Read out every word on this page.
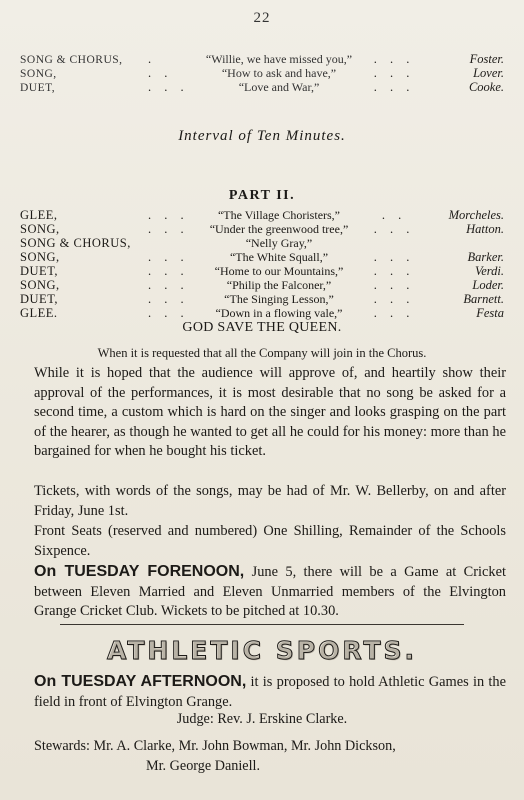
22
SONG & CHORUS,	.	“Willie, we have missed you,”	. . .	Foster.
SONG,	. .	“How to ask and have,”	. . .	Lover.
DUET,	. . .	“Love and War,”	. . .	Cooke.
Interval of Ten Minutes.
PART II.
GLEE,	. . .	“The Village Choristers,”	. .	Morcheles.
SONG,	. . .	“Under the greenwood tree,”	. . .	Hatton.
SONG & CHORUS,	“Nelly Gray,”
SONG,	. . .	“The White Squall,”	. . .	Barker.
DUET,	. . .	“Home to our Mountains,”	. . .	Verdi.
SONG,	. . .	“Philip the Falconer,”	. . .	Loder.
DUET,	. . .	“The Singing Lesson,”	. . .	Barnett.
GLEE.	. . .	“Down in a flowing vale,”	. . .	Festa
GOD SAVE THE QUEEN.
When it is requested that all the Company will join in the Chorus.

While it is hoped that the audience will approve of, and heartily show their approval of the performances, it is most desirable that no song be asked for a second time, a custom which is hard on the singer and looks grasping on the part of the hearer, as though he wanted to get all he could for his money: more than he bargained for when he bought his ticket.

Tickets, with words of the songs, may be had of Mr. W. Bellerby, on and after Friday, June 1st.

Front Seats (reserved and numbered) One Shilling, Remainder of the Schools Sixpence.

On TUESDAY FORENOON, June 5, there will be a Game at Cricket between Eleven Married and Eleven Unmarried members of the Elvington Grange Cricket Club. Wickets to be pitched at 10.30.

ATHLETIC SPORTS.

On TUESDAY AFTERNOON, it is proposed to hold Athletic Games in the field in front of Elvington Grange.

Judge: Rev. J. Erskine Clarke.
Stewards: Mr. A. Clarke, Mr. John Bowman, Mr. John Dickson,
Mr. George Daniell.
